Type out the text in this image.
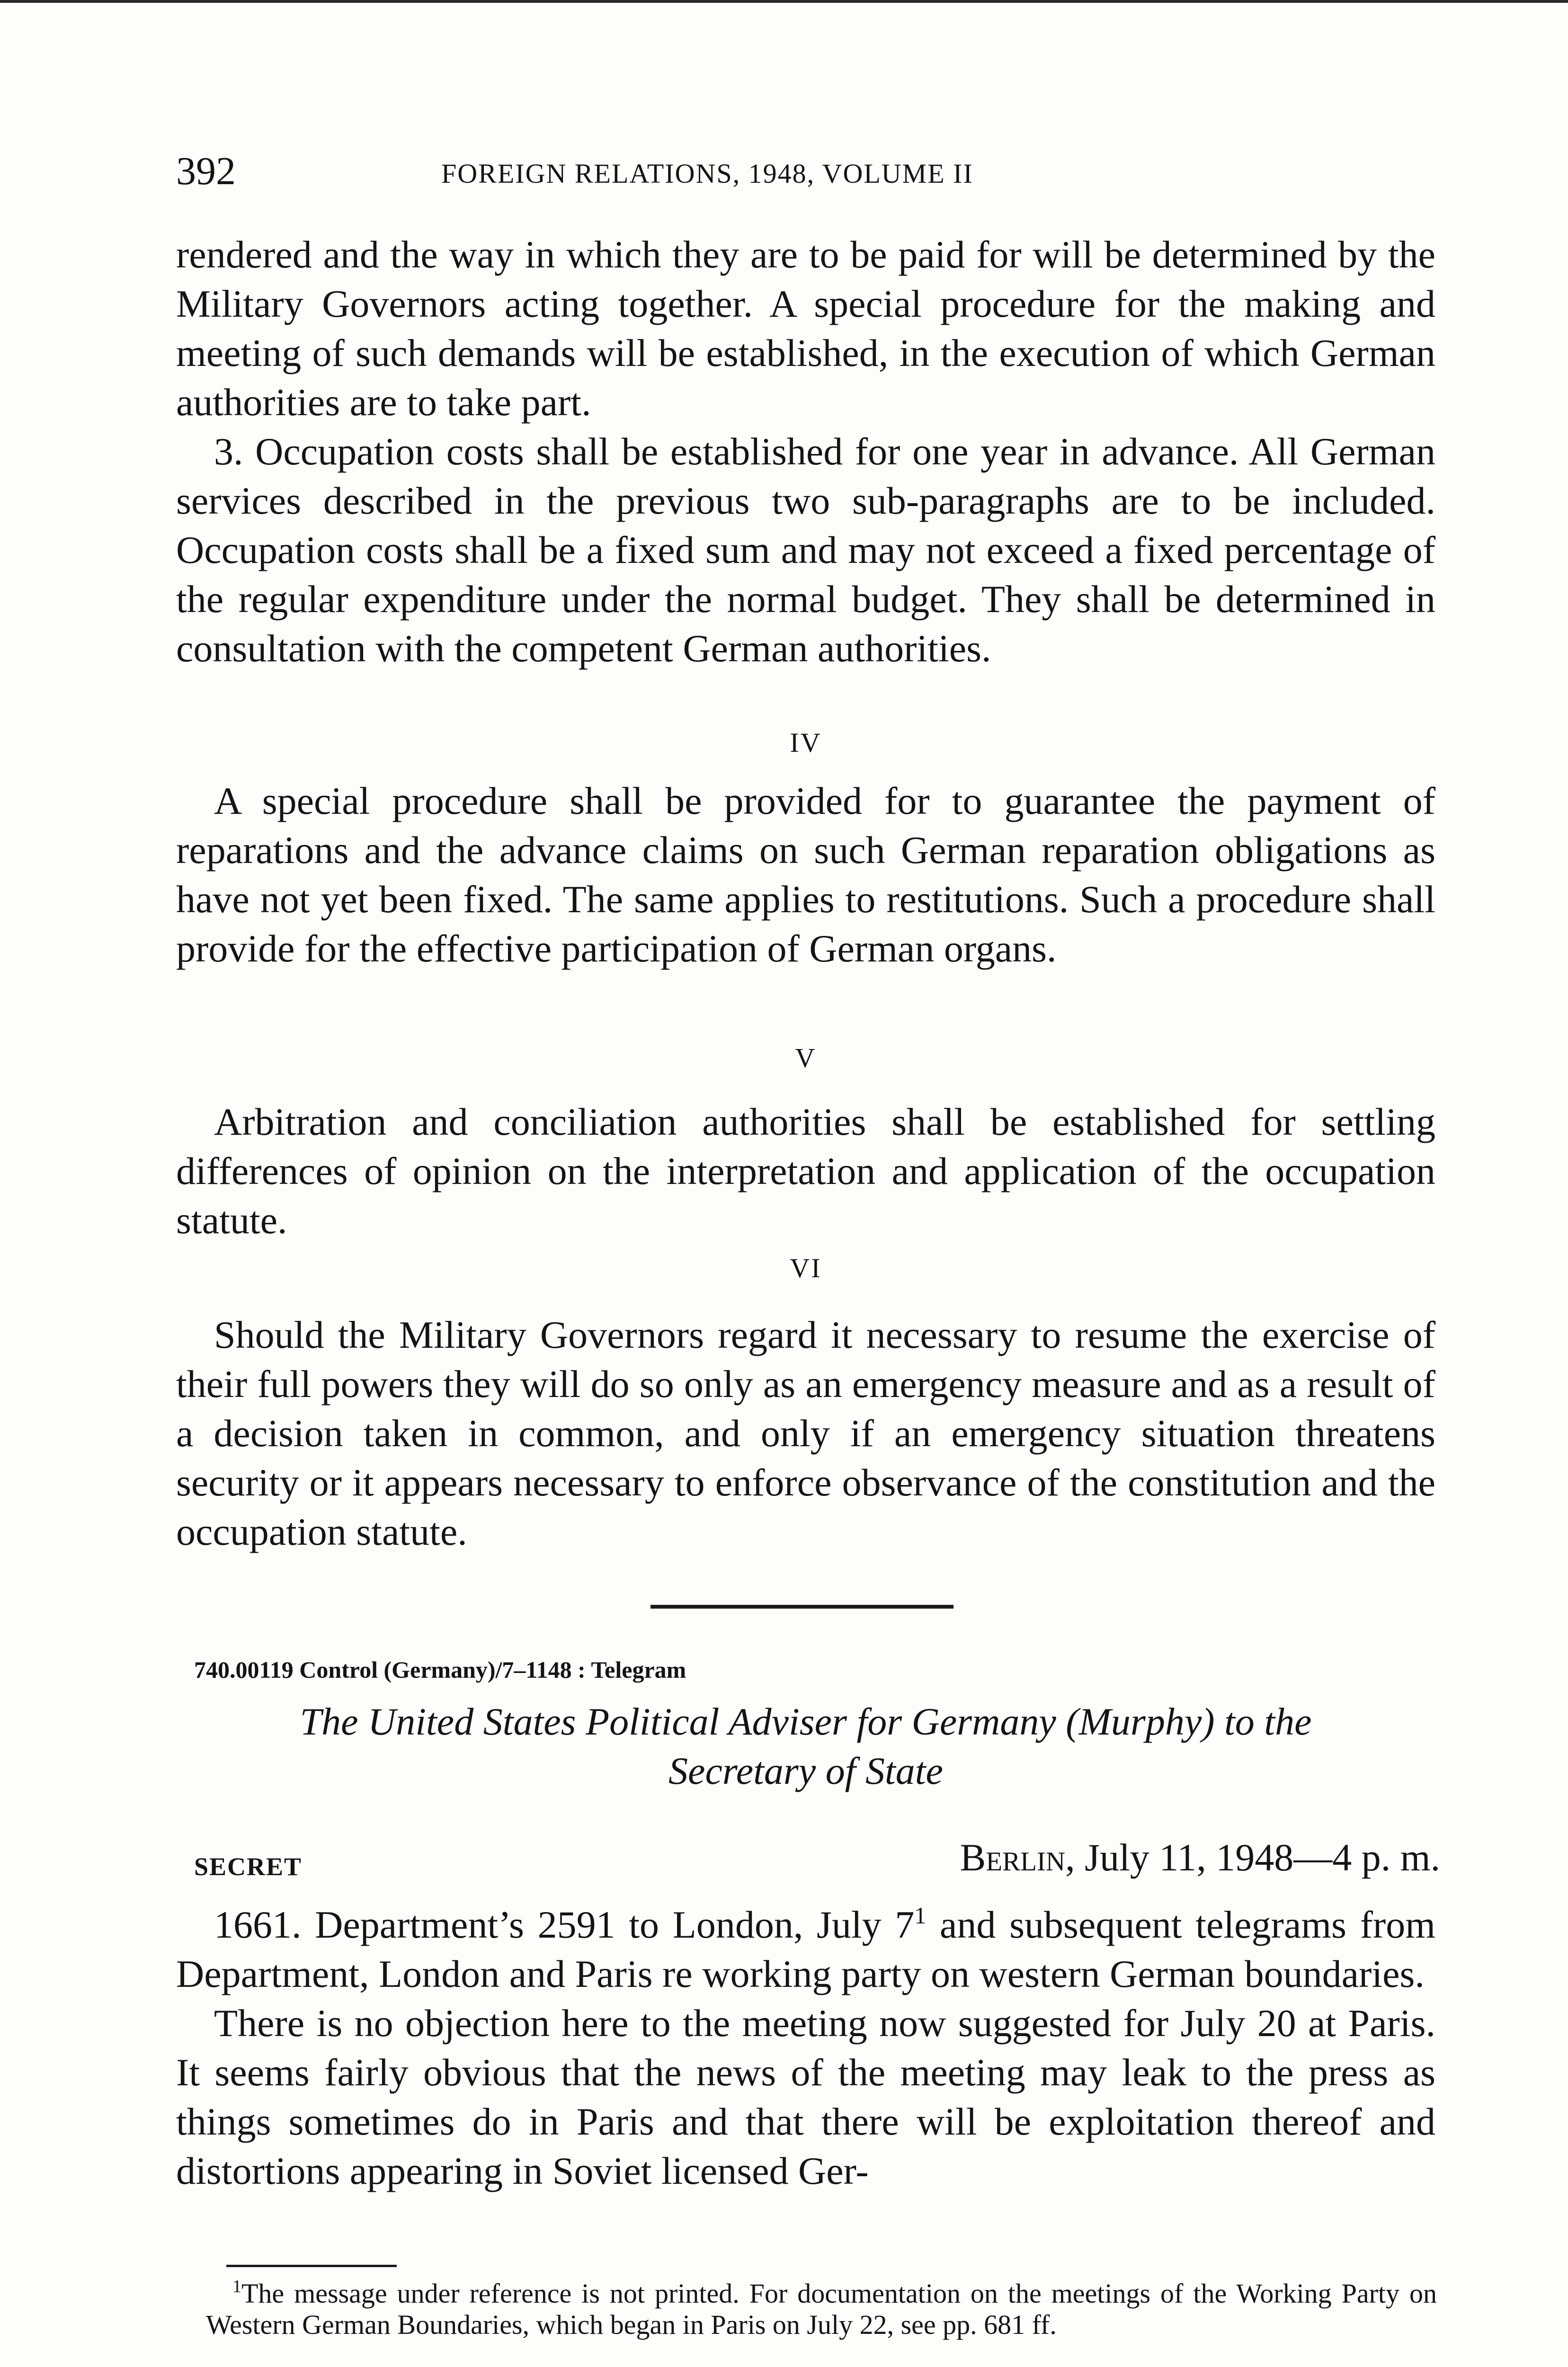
392	FOREIGN RELATIONS, 1948, VOLUME II

rendered and the way in which they are to be paid for will be determined by the Military Governors acting together. A special procedure for the making and meeting of such demands will be established, in the execution of which German authorities are to take part.

3. Occupation costs shall be established for one year in advance. All German services described in the previous two sub-paragraphs are to be included. Occupation costs shall be a fixed sum and may not exceed a fixed percentage of the regular expenditure under the normal budget. They shall be determined in consultation with the competent German authorities.

IV

A special procedure shall be provided for to guarantee the payment of reparations and the advance claims on such German reparation obligations as have not yet been fixed. The same applies to restitutions. Such a procedure shall provide for the effective participation of German organs.

V

Arbitration and conciliation authorities shall be established for settling differences of opinion on the interpretation and application of the occupation statute.

VI

Should the Military Governors regard it necessary to resume the exercise of their full powers they will do so only as an emergency measure and as a result of a decision taken in common, and only if an emergency situation threatens security or it appears necessary to enforce observance of the constitution and the occupation statute.

740.00119 Control (Germany)/7–1148 : Telegram
The United States Political Adviser for Germany (Murphy) to the
Secretary of State
SECRET	Berlin, July 11, 1948—4 p. m.

1661. Department’s 2591 to London, July $7^1$ and subsequent telegrams from Department, London and Paris re working party on western German boundaries.

There is no objection here to the meeting now suggested for July 20 at Paris. It seems fairly obvious that the news of the meeting may leak to the press as things sometimes do in Paris and that there will be exploitation thereof and distortions appearing in Soviet licensed Ger-

$^1$The message under reference is not printed. For documentation on the meetings of the Working Party on Western German Boundaries, which began in Paris on July 22, see pp. 681 ff.
